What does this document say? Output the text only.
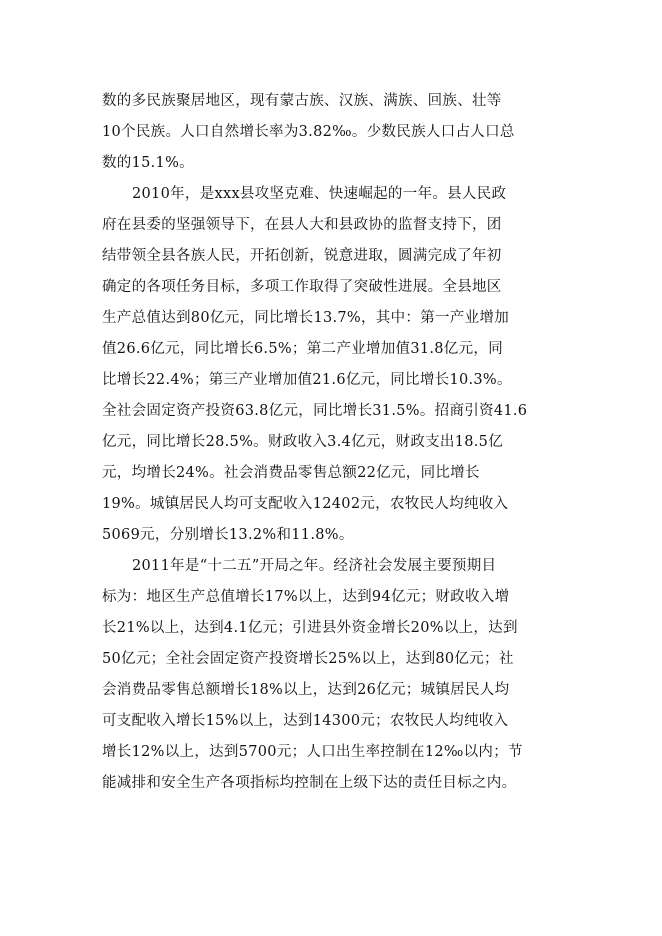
数的多民族聚居地区，现有蒙古族、汉族、满族、回族、壮等
10个民族。人口自然增长率为3.82‰。少数民族人口占人口总
数的15.1%。
2010年，是xxx县攻坚克难、快速崛起的一年。县人民政
府在县委的坚强领导下，在县人大和县政协的监督支持下，团
结带领全县各族人民，开拓创新，锐意进取，圆满完成了年初
确定的各项任务目标，多项工作取得了突破性进展。全县地区
生产总值达到80亿元，同比增长13.7%，其中：第一产业增加
值26.6亿元，同比增长6.5%；第二产业增加值31.8亿元，同
比增长22.4%；第三产业增加值21.6亿元，同比增长10.3%。
全社会固定资产投资63.8亿元，同比增长31.5%。招商引资41.6
亿元，同比增长28.5%。财政收入3.4亿元，财政支出18.5亿
元，均增长24%。社会消费品零售总额22亿元，同比增长
19%。城镇居民人均可支配收入12402元，农牧民人均纯收入
5069元，分别增长13.2%和11.8%。
2011年是“十二五”开局之年。经济社会发展主要预期目
标为：地区生产总值增长17%以上，达到94亿元；财政收入增
长21%以上，达到4.1亿元；引进县外资金增长20%以上，达到
50亿元；全社会固定资产投资增长25%以上，达到80亿元；社
会消费品零售总额增长18%以上，达到26亿元；城镇居民人均
可支配收入增长15%以上，达到14300元；农牧民人均纯收入
增长12%以上，达到5700元；人口出生率控制在12‰以内；节
能减排和安全生产各项指标均控制在上级下达的责任目标之内。
